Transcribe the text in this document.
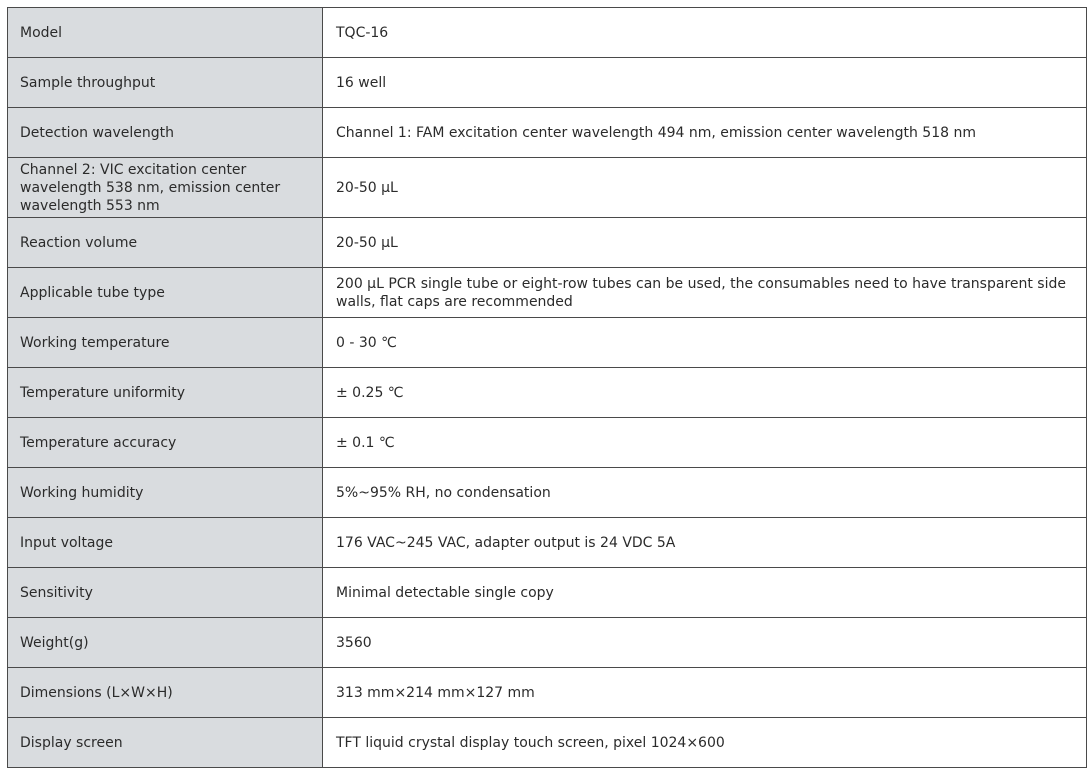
Model	TQC-16
Sample throughput	16 well
Detection wavelength	Channel 1: FAM excitation center wavelength 494 nm, emission center wavelength 518 nm
Channel 2: VIC excitation center wavelength 538 nm, emission center wavelength 553 nm	20-50 μL
Reaction volume	20-50 μL
Applicable tube type	200 μL PCR single tube or eight-row tubes can be used, the consumables need to have transparent side walls, flat caps are recommended
Working temperature	0 - 30 ℃
Temperature uniformity	± 0.25 ℃
Temperature accuracy	± 0.1 ℃
Working humidity	5%~95% RH, no condensation
Input voltage	176 VAC~245 VAC, adapter output is 24 VDC 5A
Sensitivity	Minimal detectable single copy
Weight(g)	3560
Dimensions (L×W×H)	313 mm×214 mm×127 mm
Display screen	TFT liquid crystal display touch screen, pixel 1024×600
